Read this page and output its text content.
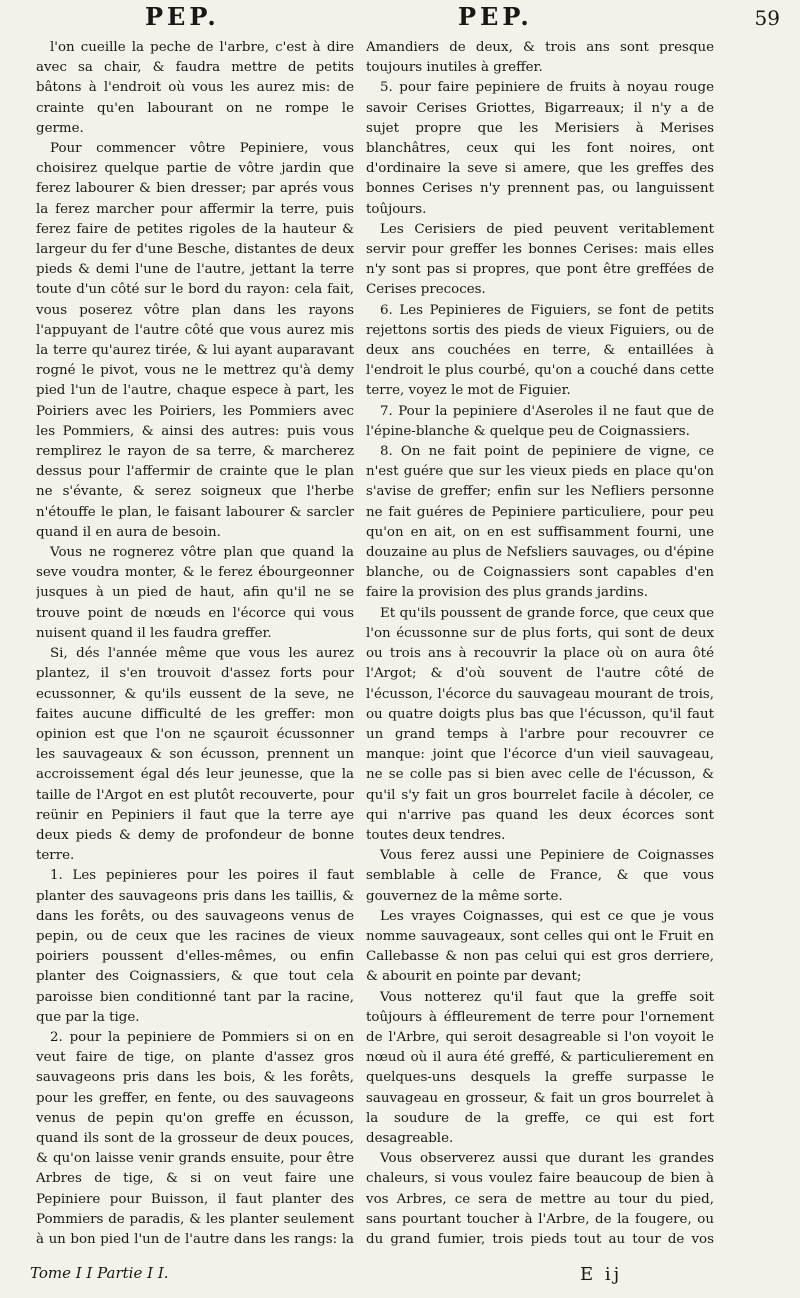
PEP.	PEP.	59

l'on cueille la peche de l'arbre, c'est à dire avec sa chair, & faudra mettre de petits bâtons à l'endroit où vous les aurez mis: de crainte qu'en labourant on ne rompe le germe.

Pour commencer vôtre Pepiniere, vous choisirez quelque partie de vôtre jardin que ferez labourer & bien dresser; par aprés vous la ferez marcher pour affermir la terre, puis ferez faire de petites rigoles de la hauteur & largeur du fer d'une Besche, distantes de deux pieds & demi l'une de l'autre, jettant la terre toute d'un côté sur le bord du rayon: cela fait, vous poserez vôtre plan dans les rayons l'appuyant de l'autre côté que vous aurez mis la terre qu'aurez tirée, & lui ayant auparavant rogné le pivot, vous ne le mettrez qu'à demy pied l'un de l'autre, chaque espece à part, les Poiriers avec les Poiriers, les Pommiers avec les Pommiers, & ainsi des autres: puis vous remplirez le rayon de sa terre, & marcherez dessus pour l'affermir de crainte que le plan ne s'évante, & serez soigneux que l'herbe n'étouffe le plan, le faisant labourer & sarcler quand il en aura de besoin.

Vous ne rognerez vôtre plan que quand la seve voudra monter, & le ferez ébourgeonner jusques à un pied de haut, afin qu'il ne se trouve point de nœuds en l'écorce qui vous nuisent quand il les faudra greffer.

Si, dés l'année même que vous les aurez plantez, il s'en trouvoit d'assez forts pour ecussonner, & qu'ils eussent de la seve, ne faites aucune difficulté de les greffer: mon opinion est que l'on ne sçauroit écussonner les sauvageaux & son écusson, prennent un accroissement égal dés leur jeunesse, que la taille de l'Argot en est plutôt recouverte, pour reünir en Pepiniers il faut que la terre aye deux pieds & demy de profondeur de bonne terre.

1. Les pepinieres pour les poires il faut planter des sauvageons pris dans les taillis, & dans les forêts, ou des sauvageons venus de pepin, ou de ceux que les racines de vieux poiriers poussent d'elles-mêmes, ou enfin planter des Coignassiers, & que tout cela paroisse bien conditionné tant par la racine, que par la tige.

2. pour la pepiniere de Pommiers si on en veut faire de tige, on plante d'assez gros sauvageons pris dans les bois, & les forêts, pour les greffer, en fente, ou des sauvageons venus de pepin qu'on greffe en écusson, quand ils sont de la grosseur de deux pouces, & qu'on laisse venir grands ensuite, pour être Arbres de tige, & si on veut faire une Pepiniere pour Buisson, il faut planter des Pommiers de paradis, & les planter seulement à un bon pied l'un de l'autre dans les rangs: la

Amandiers de deux, & trois ans sont presque toujours inutiles à greffer.

5. pour faire pepiniere de fruits à noyau rouge savoir Cerises Griottes, Bigarreaux; il n'y a de sujet propre que les Merisiers à Merises blanchâtres, ceux qui les font noires, ont d'ordinaire la seve si amere, que les greffes des bonnes Cerises n'y prennent pas, ou languissent toûjours.

Les Cerisiers de pied peuvent veritablement servir pour greffer les bonnes Cerises: mais elles n'y sont pas si propres, que pont être greffées de Cerises precoces.

6. Les Pepinieres de Figuiers, se font de petits rejettons sortis des pieds de vieux Figuiers, ou de deux ans couchées en terre, & entaillées à l'endroit le plus courbé, qu'on a couché dans cette terre, voyez le mot de Figuier.

7. Pour la pepiniere d'Aseroles il ne faut que de l'épine-blanche & quelque peu de Coignassiers.

8. On ne fait point de pepiniere de vigne, ce n'est guére que sur les vieux pieds en place qu'on s'avise de greffer; enfin sur les Nefliers personne ne fait guéres de Pepiniere particuliere, pour peu qu'on en ait, on en est suffisamment fourni, une douzaine au plus de Nefsliers sauvages, ou d'épine blanche, ou de Coignassiers sont capables d'en faire la provision des plus grands jardins.

Et qu'ils poussent de grande force, que ceux que l'on écussonne sur de plus forts, qui sont de deux ou trois ans à recouvrir la place où on aura ôté l'Argot; & d'où souvent de l'autre côté de l'écusson, l'écorce du sauvageau mourant de trois, ou quatre doigts plus bas que l'écusson, qu'il faut un grand temps à l'arbre pour recouvrer ce manque: joint que l'écorce d'un vieil sauvageau, ne se colle pas si bien avec celle de l'écusson, & qu'il s'y fait un gros bourrelet facile à décoler, ce qui n'arrive pas quand les deux écorces sont toutes deux tendres.

Vous ferez aussi une Pepiniere de Coignasses semblable à celle de France, & que vous gouvernez de la même sorte.

Les vrayes Coignasses, qui est ce que je vous nomme sauvageaux, sont celles qui ont le Fruit en Callebasse & non pas celui qui est gros derriere, & abourit en pointe par devant;

Vous notterez qu'il faut que la greffe soit toûjours à éffleurement de terre pour l'ornement de l'Arbre, qui seroit desagreable si l'on voyoit le nœud où il aura été greffé, & particulierement en quelques-uns desquels la greffe surpasse le sauvageau en grosseur, & fait un gros bourrelet à la soudure de la greffe, ce qui est fort desagreable.

Vous observerez aussi que durant les grandes chaleurs, si vous voulez faire beaucoup de bien à vos Arbres, ce sera de mettre au tour du pied, sans pourtant toucher à l'Arbre, de la fougere, ou du grand fumier, trois pieds tout au tour de vos

Tome I I Partie I I.	E ij
